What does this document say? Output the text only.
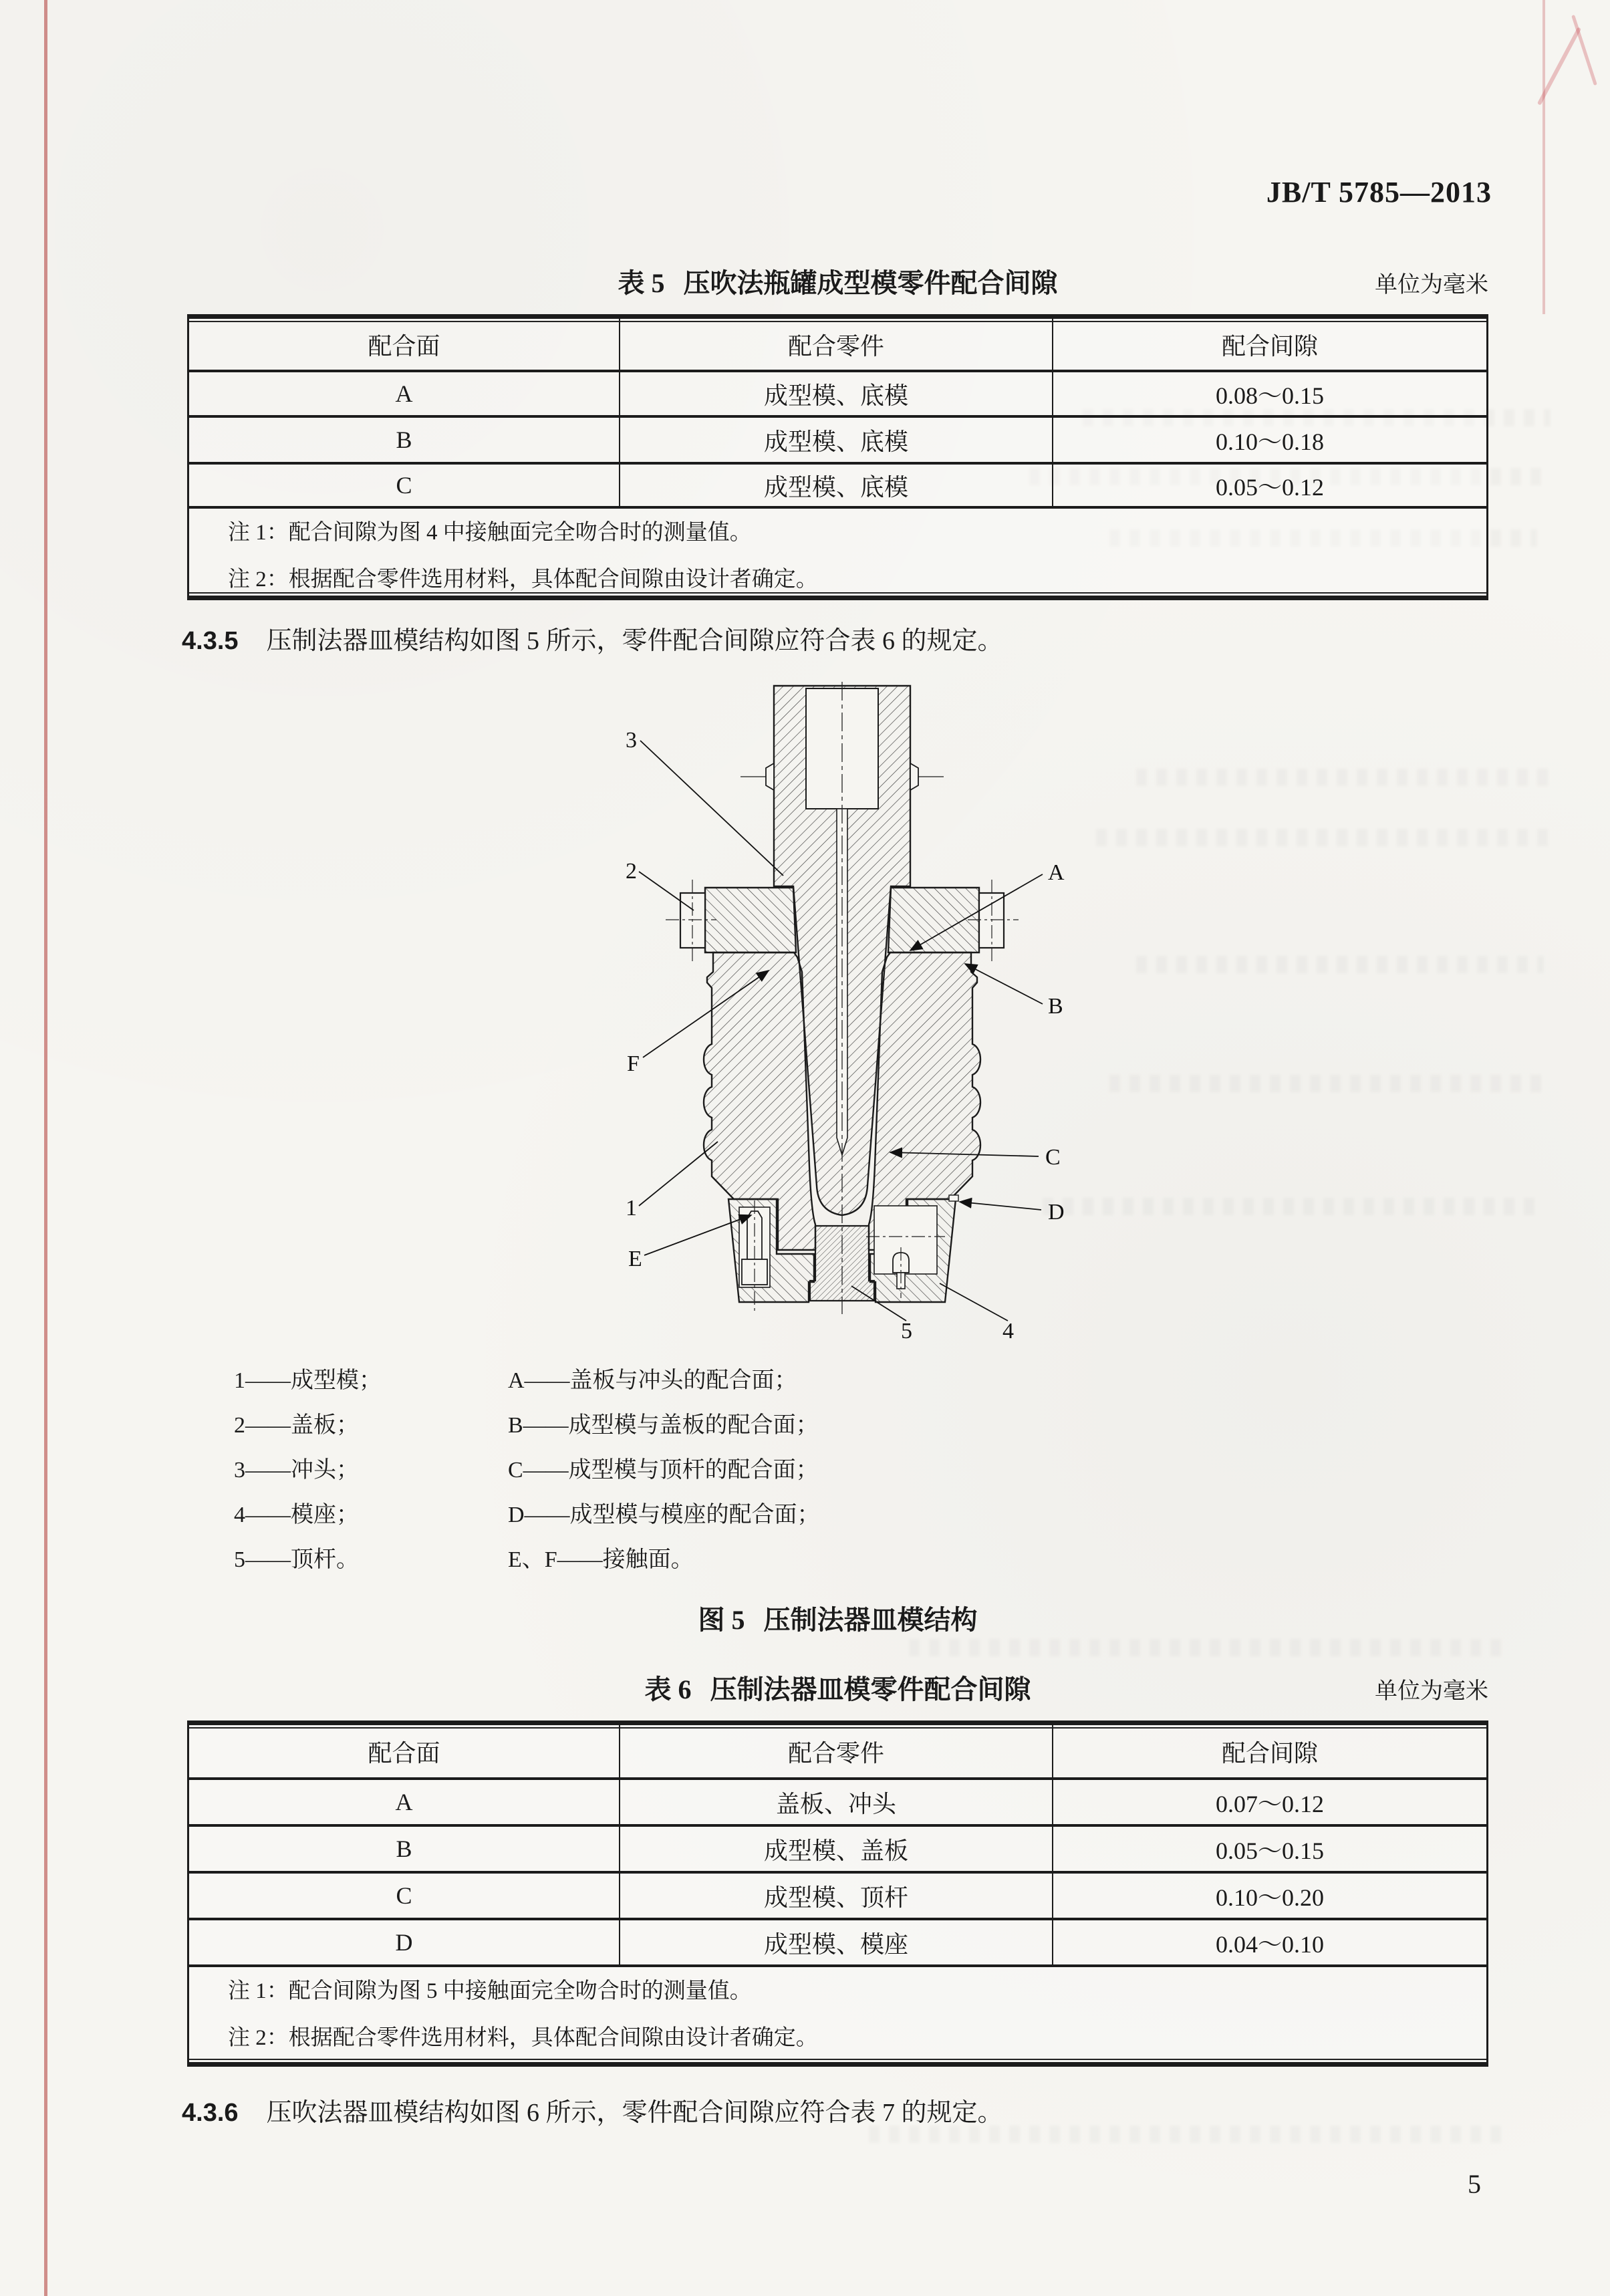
JB/T 5785—2013
表 5 压吹法瓶罐成型模零件配合间隙	单位为毫米
配合面	配合零件	配合间隙
A	成型模、底模	0.08～0.15
B	成型模、底模	0.10～0.18
C	成型模、底模	0.05～0.12

注 1：配合间隙为图 4 中接触面完全吻合时的测量值。

注 2：根据配合零件选用材料，具体配合间隙由设计者确定。

4.3.5 压制法器皿模结构如图 5 所示，零件配合间隙应符合表 6 的规定。
3
2
F
1
E
A
B
C
D
5	4
1——成型模；	A——盖板与冲头的配合面；
2——盖板；	B——成型模与盖板的配合面；
3——冲头；	C——成型模与顶杆的配合面；
4——模座；	D——成型模与模座的配合面；
5——顶杆。	E、F——接触面。
图 5 压制法器皿模结构
表 6 压制法器皿模零件配合间隙	单位为毫米
配合面	配合零件	配合间隙
A	盖板、冲头	0.07～0.12
B	成型模、盖板	0.05～0.15
C	成型模、顶杆	0.10～0.20
D	成型模、模座	0.04～0.10

注 1：配合间隙为图 5 中接触面完全吻合时的测量值。

注 2：根据配合零件选用材料，具体配合间隙由设计者确定。

4.3.6 压吹法器皿模结构如图 6 所示，零件配合间隙应符合表 7 的规定。
5
